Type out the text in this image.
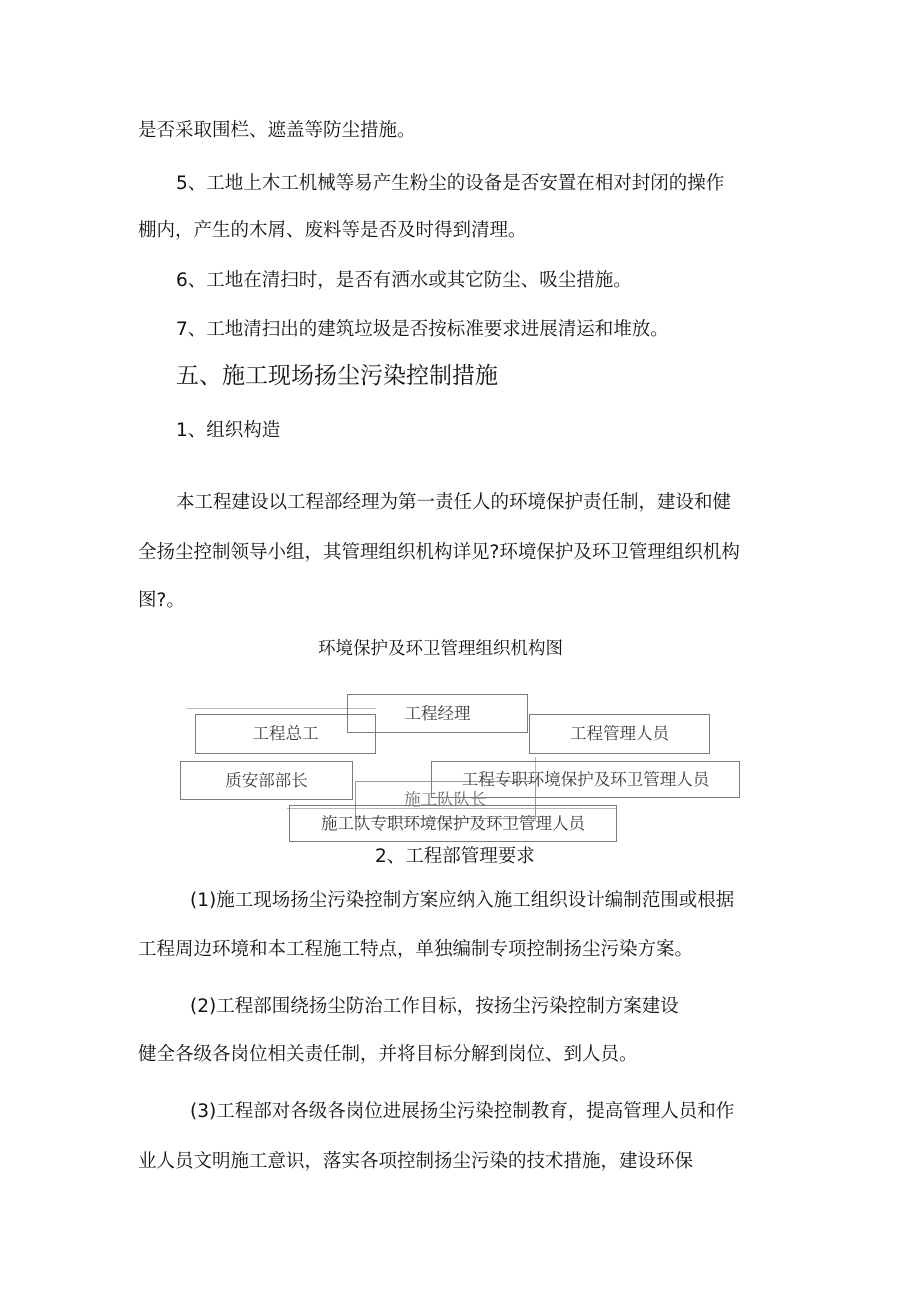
是否采取围栏、遮盖等防尘措施。

5、工地上木工机械等易产生粉尘的设备是否安置在相对封闭的操作

棚内，产生的木屑、废料等是否及时得到清理。

6、工地在清扫时，是否有洒水或其它防尘、吸尘措施。

7、工地清扫出的建筑垃圾是否按标准要求进展清运和堆放。

五、施工现场扬尘污染控制措施

1、组织构造

本工程建设以工程部经理为第一责任人的环境保护责任制，建设和健

全扬尘控制领导小组，其管理组织机构详见?环境保护及环卫管理组织机构

图?。

环境保护及环卫管理组织机构图

工程经理
工程总工	工程管理人员
质安部部长
施工队队长
工程专职环境保护及环卫管理人员
施工队专职环境保护及环卫管理人员

2、工程部管理要求

(1)施工现场扬尘污染控制方案应纳入施工组织设计编制范围或根据

工程周边环境和本工程施工特点，单独编制专项控制扬尘污染方案。

(2)工程部围绕扬尘防治工作目标，按扬尘污染控制方案建设

健全各级各岗位相关责任制，并将目标分解到岗位、到人员。

(3)工程部对各级各岗位进展扬尘污染控制教育，提高管理人员和作

业人员文明施工意识，落实各项控制扬尘污染的技术措施，建设环保
